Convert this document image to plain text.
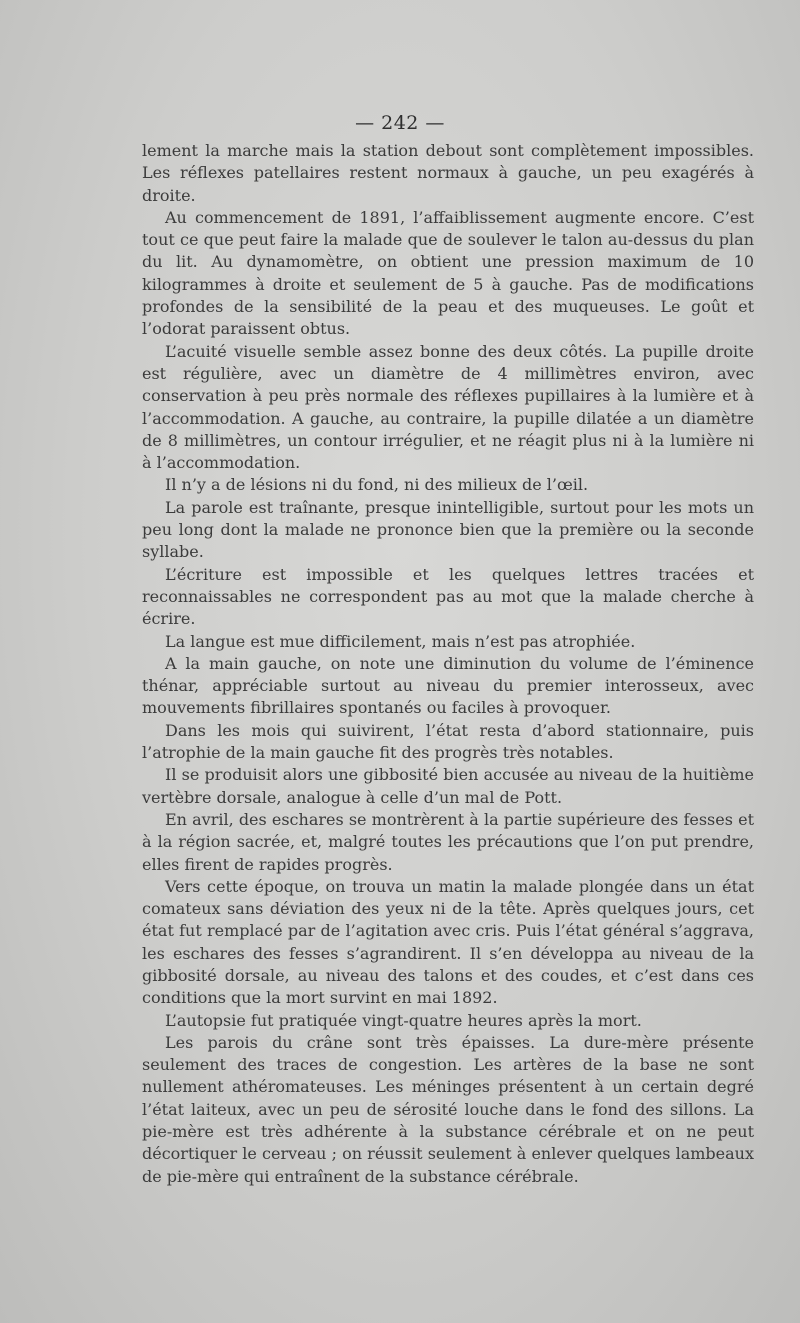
— 242 —

lement la marche mais la station debout sont complètement impossibles. Les réflexes patellaires restent normaux à gauche, un peu exagérés à droite.

Au commencement de 1891, l’affaiblissement augmente encore. C’est tout ce que peut faire la malade que de soulever le talon au-dessus du plan du lit. Au dynamomètre, on obtient une pression maximum de 10 kilogrammes à droite et seulement de 5 à gauche. Pas de modifications profondes de la sensibilité de la peau et des muqueuses. Le goût et l’odorat paraissent obtus.

L’acuité visuelle semble assez bonne des deux côtés. La pupille droite est régulière, avec un diamètre de 4 millimètres environ, avec conservation à peu près normale des réflexes pupillaires à la lumière et à l’accommodation. A gauche, au contraire, la pupille dilatée a un diamètre de 8 millimètres, un contour irrégulier, et ne réagit plus ni à la lumière ni à l’accommodation.

Il n’y a de lésions ni du fond, ni des milieux de l’œil.

La parole est traînante, presque inintelligible, surtout pour les mots un peu long dont la malade ne prononce bien que la première ou la seconde syllabe.

L’écriture est impossible et les quelques lettres tracées et reconnaissables ne correspondent pas au mot que la malade cherche à écrire.

La langue est mue difficilement, mais n’est pas atrophiée.

A la main gauche, on note une diminution du volume de l’éminence thénar, appréciable surtout au niveau du premier interosseux, avec mouvements fibrillaires spontanés ou faciles à provoquer.

Dans les mois qui suivirent, l’état resta d’abord stationnaire, puis l’atrophie de la main gauche fit des progrès très notables.

Il se produisit alors une gibbosité bien accusée au niveau de la huitième vertèbre dorsale, analogue à celle d’un mal de Pott.

En avril, des eschares se montrèrent à la partie supérieure des fesses et à la région sacrée, et, malgré toutes les précautions que l’on put prendre, elles firent de rapides progrès.

Vers cette époque, on trouva un matin la malade plongée dans un état comateux sans déviation des yeux ni de la tête. Après quelques jours, cet état fut remplacé par de l’agitation avec cris. Puis l’état général s’aggrava, les eschares des fesses s’agrandirent. Il s’en développa au niveau de la gibbosité dorsale, au niveau des talons et des coudes, et c’est dans ces conditions que la mort survint en mai 1892.

L’autopsie fut pratiquée vingt-quatre heures après la mort.

Les parois du crâne sont très épaisses. La dure-mère présente seulement des traces de congestion. Les artères de la base ne sont nullement athéromateuses. Les méninges présentent à un certain degré l’état laiteux, avec un peu de sérosité louche dans le fond des sillons. La pie-mère est très adhérente à la substance cérébrale et on ne peut décortiquer le cerveau ; on réussit seulement à enlever quelques lambeaux de pie-mère qui entraînent de la substance cérébrale.
